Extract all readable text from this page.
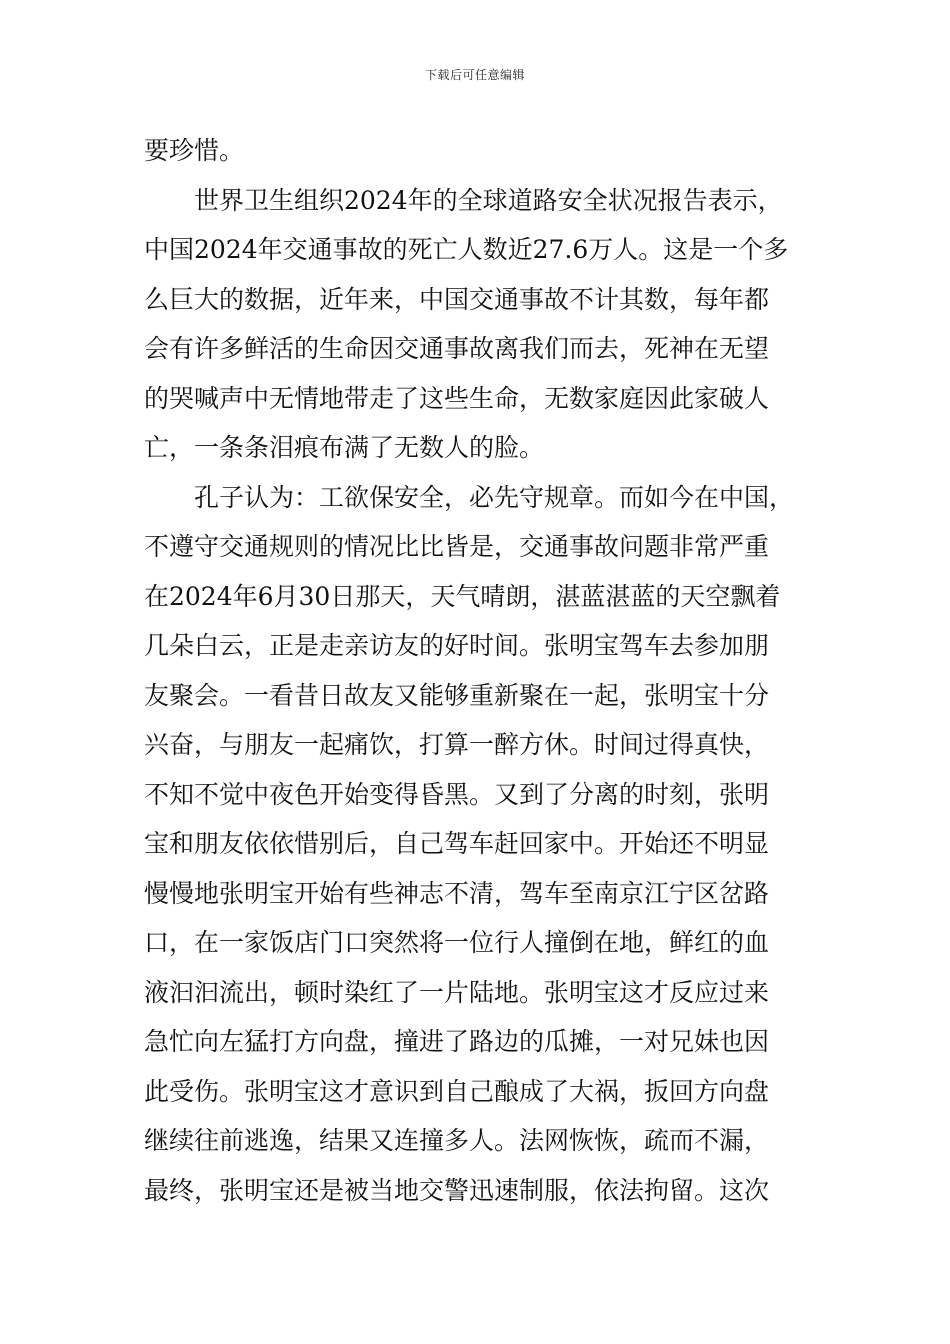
下载后可任意编辑
要珍惜。
世界卫生组织2024年的全球道路安全状况报告表示，
中国2024年交通事故的死亡人数近27.6万人。这是一个多
么巨大的数据，近年来，中国交通事故不计其数，每年都
会有许多鲜活的生命因交通事故离我们而去，死神在无望
的哭喊声中无情地带走了这些生命，无数家庭因此家破人
亡，一条条泪痕布满了无数人的脸。
孔子认为：工欲保安全，必先守规章。而如今在中国，
不遵守交通规则的情况比比皆是，交通事故问题非常严重
在2024年6月30日那天，天气晴朗，湛蓝湛蓝的天空飘着
几朵白云，正是走亲访友的好时间。张明宝驾车去参加朋
友聚会。一看昔日故友又能够重新聚在一起，张明宝十分
兴奋，与朋友一起痛饮，打算一醉方休。时间过得真快，
不知不觉中夜色开始变得昏黑。又到了分离的时刻，张明
宝和朋友依依惜别后，自己驾车赶回家中。开始还不明显
慢慢地张明宝开始有些神志不清，驾车至南京江宁区岔路
口，在一家饭店门口突然将一位行人撞倒在地，鲜红的血
液汩汩流出，顿时染红了一片陆地。张明宝这才反应过来
急忙向左猛打方向盘，撞进了路边的瓜摊，一对兄妹也因
此受伤。张明宝这才意识到自己酿成了大祸，扳回方向盘
继续往前逃逸，结果又连撞多人。法网恢恢，疏而不漏，
最终，张明宝还是被当地交警迅速制服，依法拘留。这次
